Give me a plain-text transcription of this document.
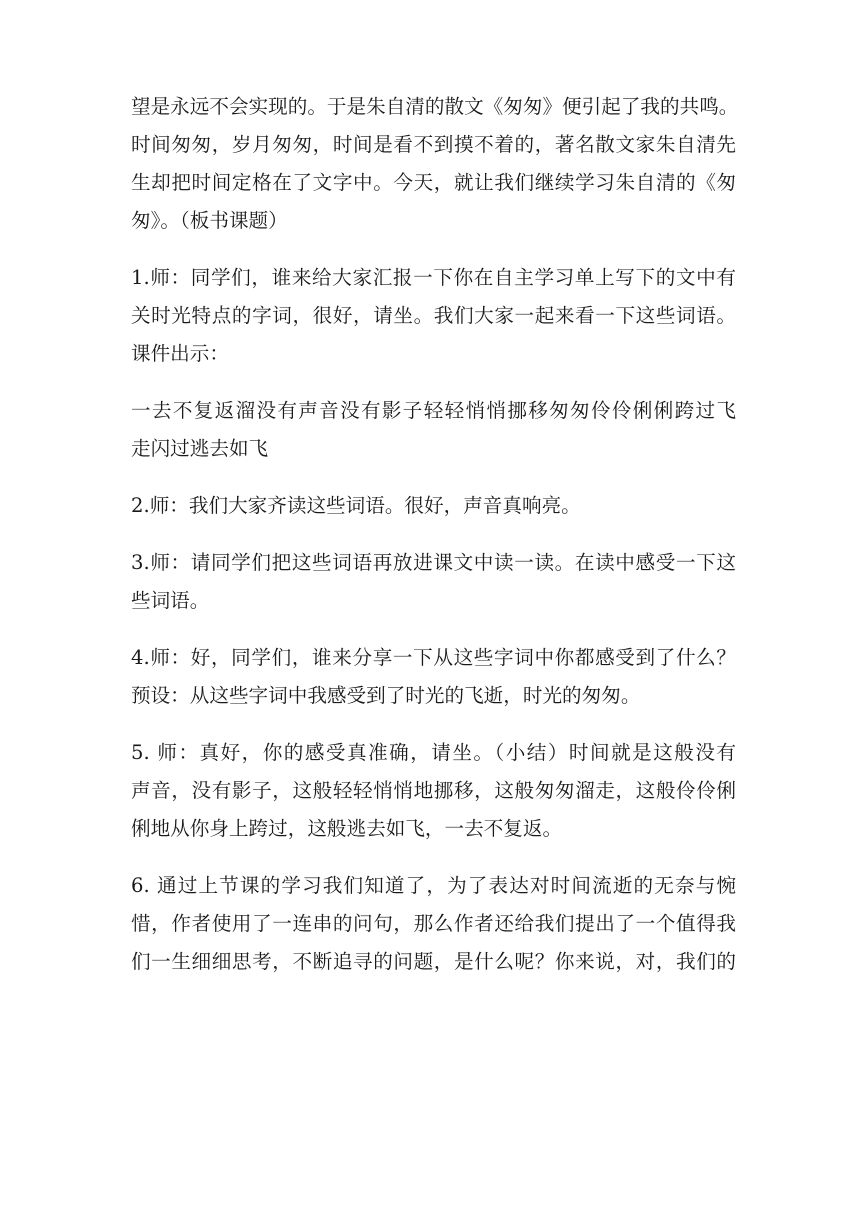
望是永远不会实现的。于是朱自清的散文《匆匆》便引起了我的共鸣。
时间匆匆，岁月匆匆，时间是看不到摸不着的，著名散文家朱自清先
生却把时间定格在了文字中。今天，就让我们继续学习朱自清的《匆
匆》。（板书课题）

1.师：同学们，谁来给大家汇报一下你在自主学习单上写下的文中有
关时光特点的字词，很好，请坐。我们大家一起来看一下这些词语。
课件出示：

一去不复返溜没有声音没有影子轻轻悄悄挪移匆匆伶伶俐俐跨过飞
走闪过逃去如飞

2.师：我们大家齐读这些词语。很好，声音真响亮。

3.师：请同学们把这些词语再放进课文中读一读。在读中感受一下这
些词语。

4.师：好，同学们，谁来分享一下从这些字词中你都感受到了什么？
预设：从这些字词中我感受到了时光的飞逝，时光的匆匆。

5. 师：真好，你的感受真准确，请坐。（小结）时间就是这般没有
声音，没有影子，这般轻轻悄悄地挪移，这般匆匆溜走，这般伶伶俐
俐地从你身上跨过，这般逃去如飞，一去不复返。

6. 通过上节课的学习我们知道了，为了表达对时间流逝的无奈与惋
惜，作者使用了一连串的问句，那么作者还给我们提出了一个值得我
们一生细细思考，不断追寻的问题，是什么呢？你来说，对，我们的
